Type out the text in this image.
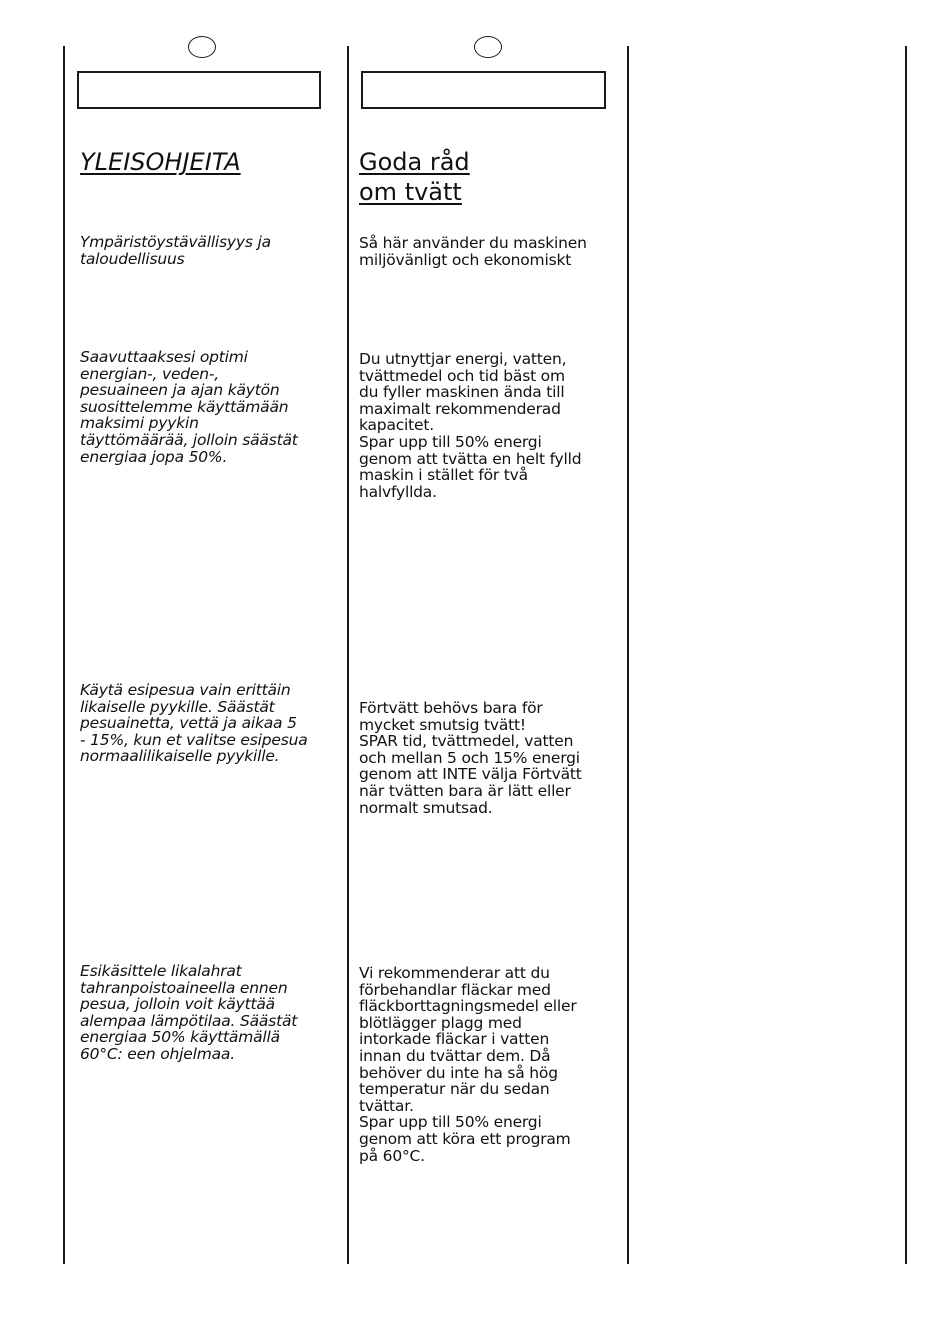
YLEISOHJEITA

Ympäristöystävällisyys ja
taloudellisuus

Saavuttaaksesi optimi
energian-, veden-,
pesuaineen ja ajan käytön
suosittelemme käyttämään
maksimi pyykin
täyttömäärää, jolloin säästät
energiaa jopa 50%.

Käytä esipesua vain erittäin
likaiselle pyykille. Säästät
pesuainetta, vettä ja aikaa 5
- 15%, kun et valitse esipesua
normaalilikaiselle pyykille.

Esikäsittele likalahrat
tahranpoistoaineella ennen
pesua, jolloin voit käyttää
alempaa lämpötilaa. Säästät
energiaa 50% käyttämällä
60°C: een ohjelmaa.

Goda råd
om tvätt

Så här använder du maskinen
miljövänligt och ekonomiskt

Du utnyttjar energi, vatten,
tvättmedel och tid bäst om
du fyller maskinen ända till
maximalt rekommenderad
kapacitet.
Spar upp till 50% energi
genom att tvätta en helt fylld
maskin i stället för två
halvfyllda.

Förtvätt behövs bara för
mycket smutsig tvätt!
SPAR tid, tvättmedel, vatten
och mellan 5 och 15% energi
genom att INTE välja Förtvätt
när tvätten bara är lätt eller
normalt smutsad.

Vi rekommenderar att du
förbehandlar fläckar med
fläckborttagningsmedel eller
blötlägger plagg med
intorkade fläckar i vatten
innan du tvättar dem. Då
behöver du inte ha så hög
temperatur när du sedan
tvättar.
Spar upp till 50% energi
genom att köra ett program
på 60°C.
